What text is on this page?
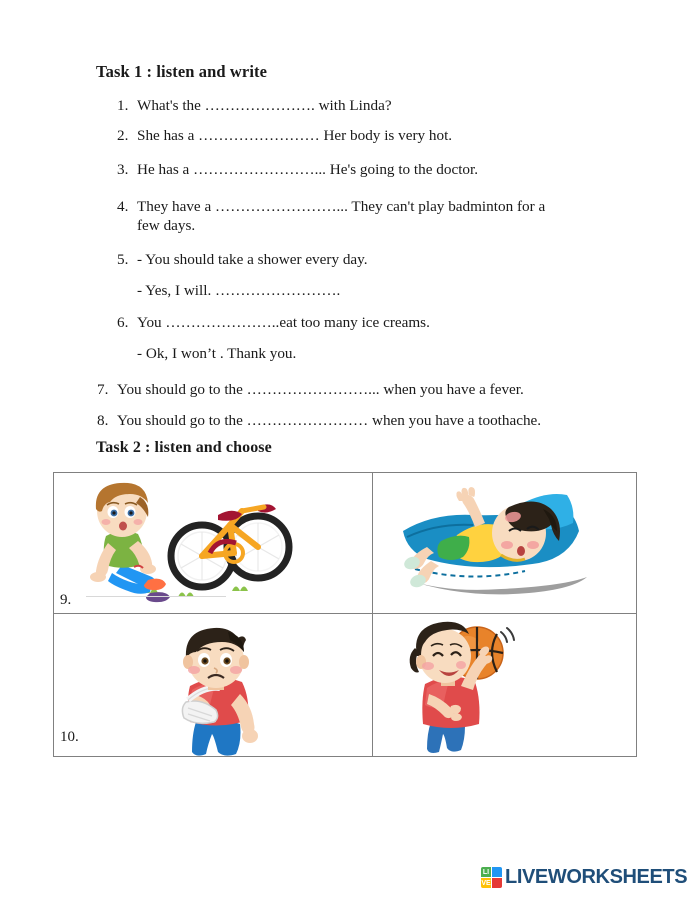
Task 1 : listen and write
1. What's the …………………. with Linda?
2. She has a …………………… Her body is very hot.
3. He has a ……………………... He's going to the doctor.
4. They have a ……………………... They can't play badminton for a
few days.
5. - You should take a shower every day.
- Yes, I will. …………………….
6. You …………………..eat too many ice creams.
- Ok, I won’t . Thank you.
7. You should go to the ……………………... when you have a fever.
8. You should go to the …………………… when you have a toothache.
Task 2 : listen and choose
9.
10.
LI
VE LIVEWORKSHEETS
